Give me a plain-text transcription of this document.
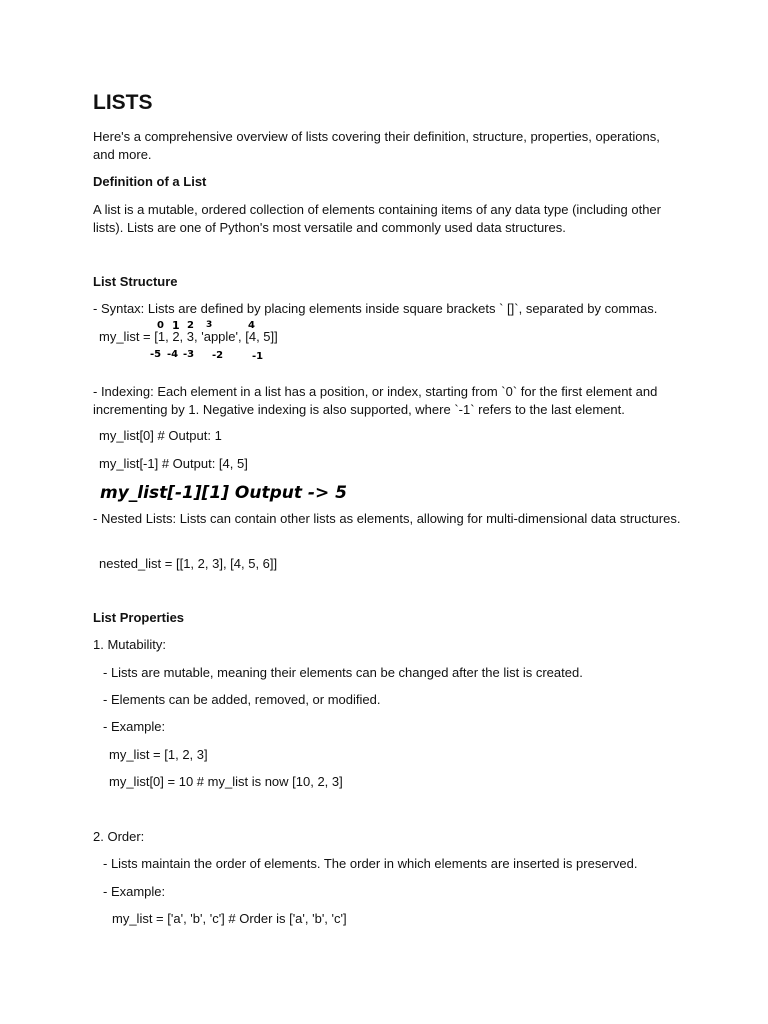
LISTS
Here's a comprehensive overview of lists covering their definition, structure, properties, operations, and more.
Definition of a List
A list is a mutable, ordered collection of elements containing items of any data type (including other lists). Lists are one of Python's most versatile and commonly used data structures.
List Structure
- Syntax: Lists are defined by placing elements inside square brackets ` []`, separated by commas.
my_list = [1, 2, 3, 'apple', [4, 5]]
- Indexing: Each element in a list has a position, or index, starting from `0` for the first element and incrementing by 1. Negative indexing is also supported, where `-1` refers to the last element.
my_list[0] # Output: 1
my_list[-1] # Output: [4, 5]
- Nested Lists: Lists can contain other lists as elements, allowing for multi-dimensional data structures.
nested_list = [[1, 2, 3], [4, 5, 6]]
List Properties
1. Mutability:
- Lists are mutable, meaning their elements can be changed after the list is created.
- Elements can be added, removed, or modified.
- Example:
my_list = [1, 2, 3]
my_list[0] = 10 # my_list is now [10, 2, 3]
2. Order:
- Lists maintain the order of elements. The order in which elements are inserted is preserved.
- Example:
my_list = ['a', 'b', 'c'] # Order is ['a', 'b', 'c']
0 1 2 3	4
-5 -4 -3 -2	-1
my_list[-1][1] Output -> 5
